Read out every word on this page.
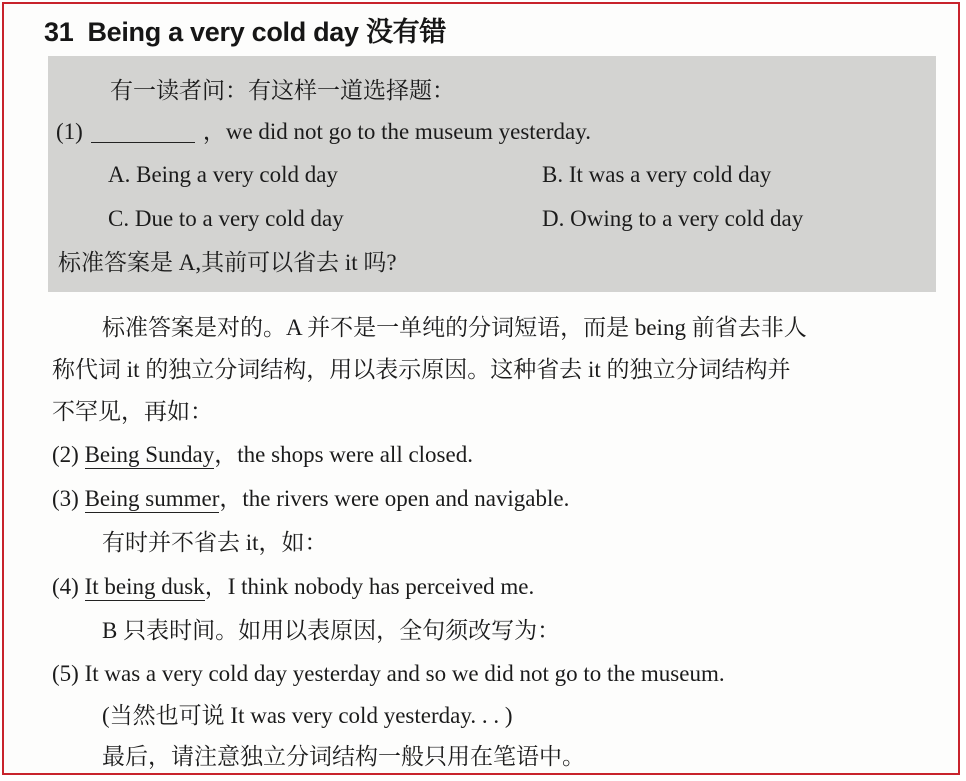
31 Being a very cold day 没有错
有一读者问：有这样一道选择题：
(1)	，we did not go to the museum yesterday.
A. Being a very cold day	B. It was a very cold day
C. Due to a very cold day	D. Owing to a very cold day
标准答案是 A,其前可以省去 it 吗?
标准答案是对的。A 并不是一单纯的分词短语，而是 being 前省去非人
称代词 it 的独立分词结构，用以表示原因。这种省去 it 的独立分词结构并
不罕见，再如：
(2) Being Sunday，the shops were all closed.
(3) Being summer，the rivers were open and navigable.
有时并不省去 it，如：
(4) It being dusk，I think nobody has perceived me.
B 只表时间。如用以表原因，全句须改写为：
(5) It was a very cold day yesterday and so we did not go to the museum.
(当然也可说 It was very cold yesterday. . . )
最后，请注意独立分词结构一般只用在笔语中。
